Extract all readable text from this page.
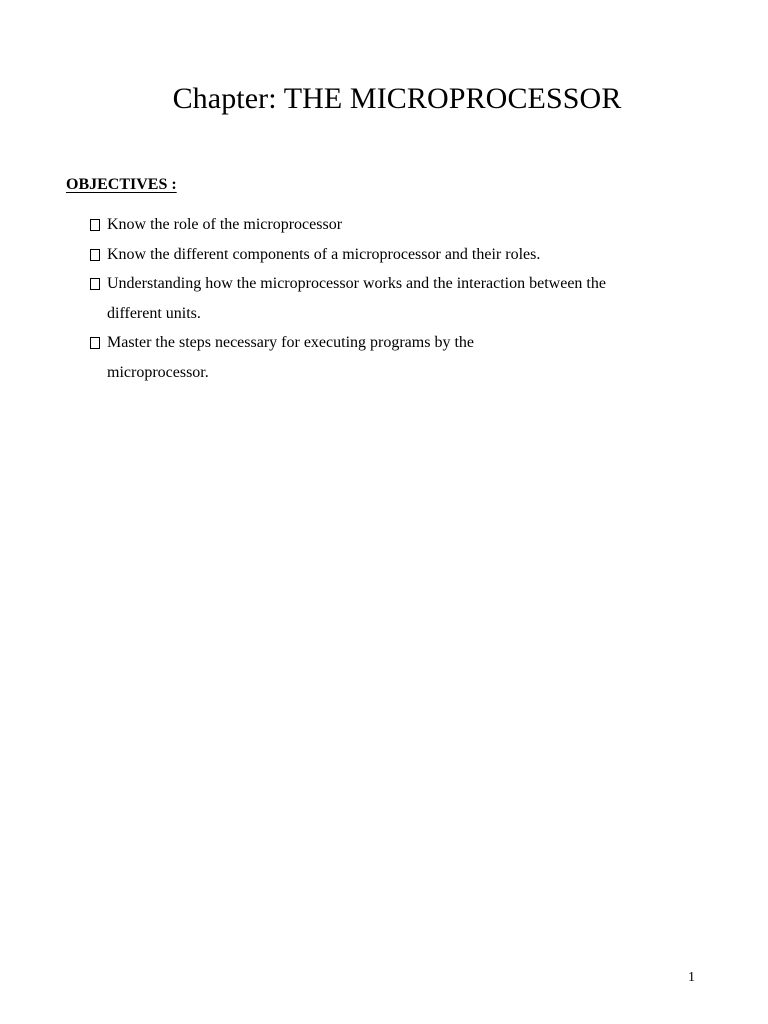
Chapter: THE MICROPROCESSOR
OBJECTIVES :
Know the role of the microprocessor
Know the different components of a microprocessor and their roles.
Understanding how the microprocessor works and the interaction between the different units.
Master the steps necessary for executing programs by the microprocessor.
1
